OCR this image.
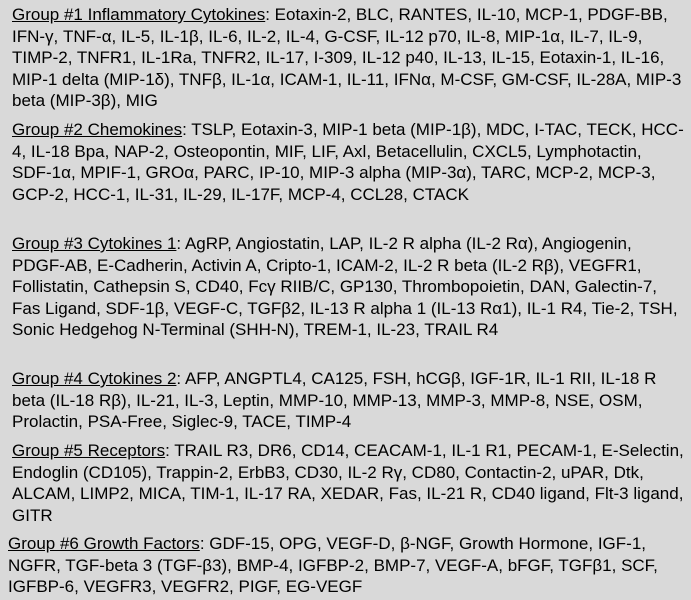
Group #1 Inflammatory Cytokines: Eotaxin-2, BLC, RANTES, IL-10, MCP-1, PDGF-BB, IFN-γ, TNF-α, IL-5, IL-1β, IL-6, IL-2, IL-4, G-CSF, IL-12 p70, IL-8, MIP-1α, IL-7, IL-9, TIMP-2, TNFR1, IL-1Ra, TNFR2, IL-17, I-309, IL-12 p40, IL-13, IL-15, Eotaxin-1, IL-16, MIP-1 delta (MIP-1δ), TNFβ, IL-1α, ICAM-1, IL-11, IFNα, M-CSF, GM-CSF, IL-28A, MIP-3 beta (MIP-3β), MIG

Group #2 Chemokines: TSLP, Eotaxin-3, MIP-1 beta (MIP-1β), MDC, I-TAC, TECK, HCC-4, IL-18 Bpa, NAP-2, Osteopontin, MIF, LIF, Axl, Betacellulin, CXCL5, Lymphotactin, SDF-1α, MPIF-1, GROα, PARC, IP-10, MIP-3 alpha (MIP-3α), TARC, MCP-2, MCP-3, GCP-2, HCC-1, IL-31, IL-29, IL-17F, MCP-4, CCL28, CTACK

Group #3 Cytokines 1: AgRP, Angiostatin, LAP, IL-2 R alpha (IL-2 Rα), Angiogenin, PDGF-AB, E-Cadherin, Activin A, Cripto-1, ICAM-2, IL-2 R beta (IL-2 Rβ), VEGFR1, Follistatin, Cathepsin S, CD40, Fcγ RIIB/C, GP130, Thrombopoietin, DAN, Galectin-7, Fas Ligand, SDF-1β, VEGF-C, TGFβ2, IL-13 R alpha 1 (IL-13 Rα1), IL-1 R4, Tie-2, TSH, Sonic Hedgehog N-Terminal (SHH-N), TREM-1, IL-23, TRAIL R4

Group #4 Cytokines 2: AFP, ANGPTL4, CA125, FSH, hCGβ, IGF-1R, IL-1 RII, IL-18 R beta (IL-18 Rβ), IL-21, IL-3, Leptin, MMP-10, MMP-13, MMP-3, MMP-8, NSE, OSM, Prolactin, PSA-Free, Siglec-9, TACE, TIMP-4

Group #5 Receptors: TRAIL R3, DR6, CD14, CEACAM-1, IL-1 R1, PECAM-1, E-Selectin, Endoglin (CD105), Trappin-2, ErbB3, CD30, IL-2 Rγ, CD80, Contactin-2, uPAR, Dtk, ALCAM, LIMP2, MICA, TIM-1, IL-17 RA, XEDAR, Fas, IL-21 R, CD40 ligand, Flt-3 ligand, GITR

Group #6 Growth Factors: GDF-15, OPG, VEGF-D, β-NGF, Growth Hormone, IGF-1, NGFR, TGF-beta 3 (TGF-β3), BMP-4, IGFBP-2, BMP-7, VEGF-A, bFGF, TGFβ1, SCF, IGFBP-6, VEGFR3, VEGFR2, PIGF, EG-VEGF
